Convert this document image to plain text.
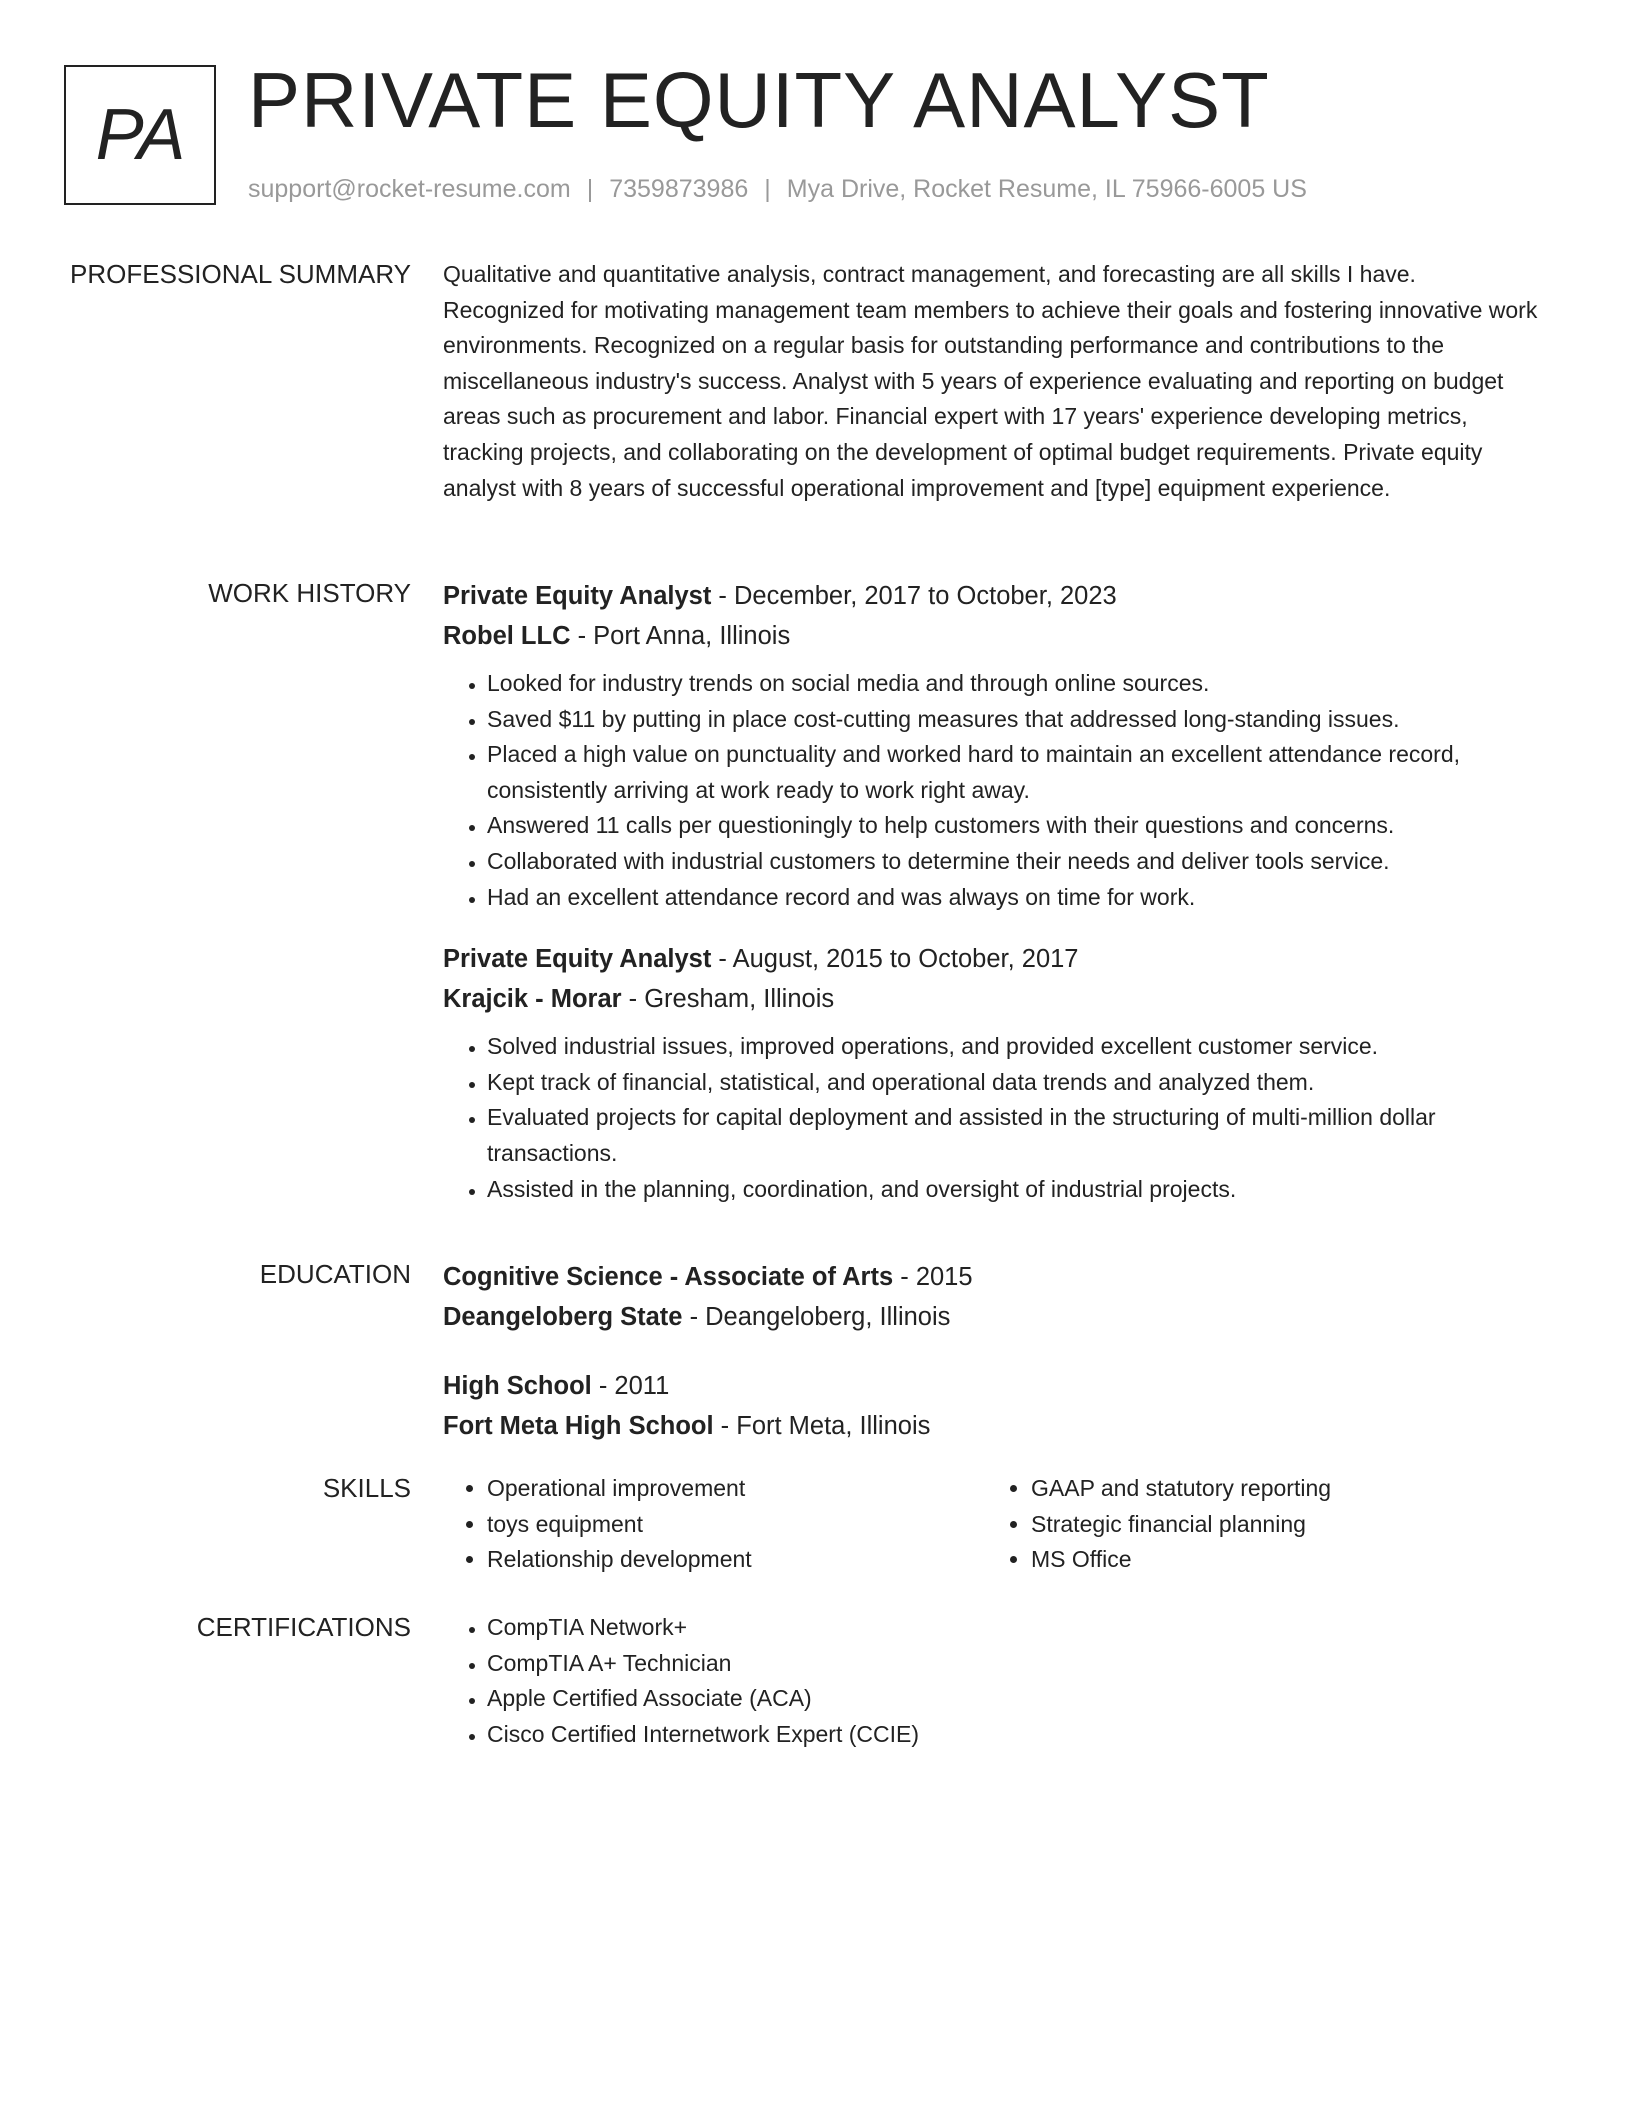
PA PRIVATE EQUITY ANALYST
support@rocket-resume.com | 7359873986 | Mya Drive, Rocket Resume, IL 75966-6005 US
PROFESSIONAL SUMMARY Qualitative and quantitative analysis, contract management, and forecasting are all skills I have. Recognized for motivating management team members to achieve their goals and fostering innovative work environments. Recognized on a regular basis for outstanding performance and contributions to the miscellaneous industry's success. Analyst with 5 years of experience evaluating and reporting on budget areas such as procurement and labor. Financial expert with 17 years' experience developing metrics, tracking projects, and collaborating on the development of optimal budget requirements. Private equity analyst with 8 years of successful operational improvement and [type] equipment experience.

WORK HISTORY Private Equity Analyst - December, 2017 to October, 2023
Robel LLC - Port Anna, Illinois
• Looked for industry trends on social media and through online sources.
• Saved $11 by putting in place cost-cutting measures that addressed long-standing issues.
• Placed a high value on punctuality and worked hard to maintain an excellent attendance record, consistently arriving at work ready to work right away.
• Answered 11 calls per questioningly to help customers with their questions and concerns.
• Collaborated with industrial customers to determine their needs and deliver tools service.
• Had an excellent attendance record and was always on time for work.
Private Equity Analyst - August, 2015 to October, 2017
Krajcik - Morar - Gresham, Illinois
• Solved industrial issues, improved operations, and provided excellent customer service.
• Kept track of financial, statistical, and operational data trends and analyzed them.
• Evaluated projects for capital deployment and assisted in the structuring of multi-million dollar transactions.
• Assisted in the planning, coordination, and oversight of industrial projects.
EDUCATION Cognitive Science - Associate of Arts - 2015
Deangeloberg State - Deangeloberg, Illinois
High School - 2011
Fort Meta High School - Fort Meta, Illinois
SKILLS	• Operational improvement
• toys equipment
• Relationship development
• GAAP and statutory reporting
• Strategic financial planning
• MS Office
CERTIFICATIONS	• CompTIA Network+
• CompTIA A+ Technician
• Apple Certified Associate (ACA)
• Cisco Certified Internetwork Expert (CCIE)
